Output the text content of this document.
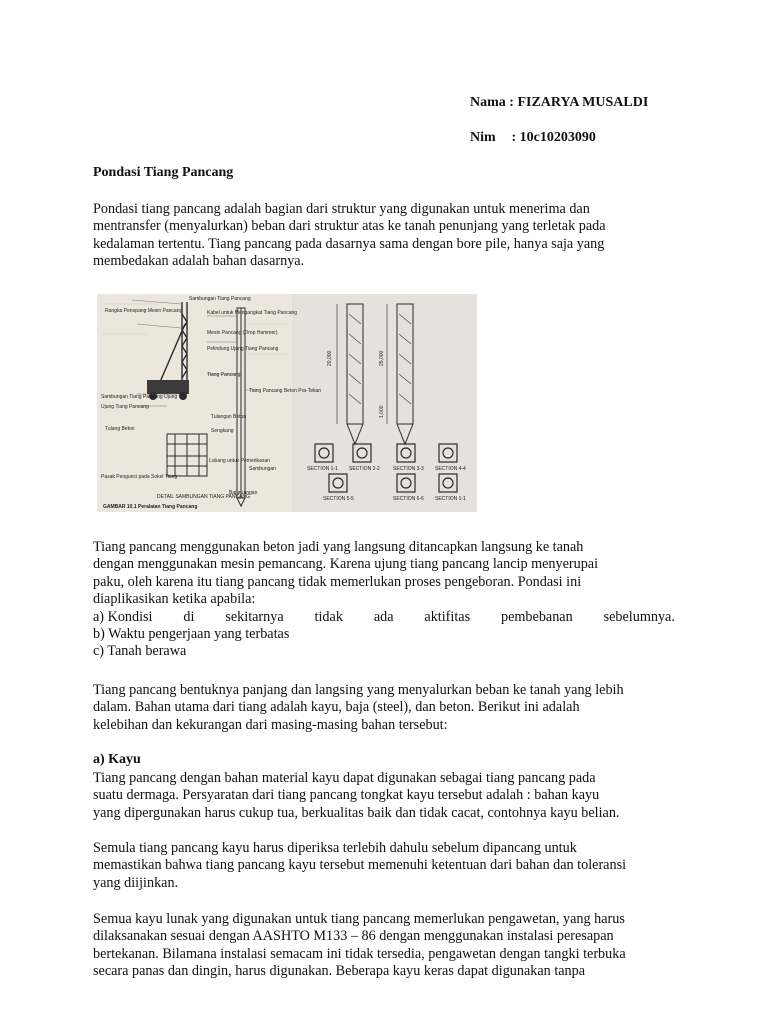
Nama : FIZARYA MUSALDI
Nim : 10c10203090
Pondasi Tiang Pancang
Pondasi tiang pancang adalah bagian dari struktur yang digunakan untuk menerima dan
mentransfer (menyalurkan) beban dari struktur atas ke tanah penunjang yang terletak pada
kedalaman tertentu. Tiang pancang pada dasarnya sama dengan bore pile, hanya saja yang
membedakan adalah bahan dasarnya.
Sambungan Tiang Pancang
Rangka Penopang Mesin Pancang	Kabel untuk Mengangkat Tiang Pancang
Mesin Pancang (Drop Hammer)
Pelindung Ujung Tiang Pancang
Tiang Pancang
Sambungan Tiang Pancang Ujung
Ujung Tiang Pancang
Tiang Pancang Beton Pra-Tekan
Tulangan Beton
Tulang Beton	Sengkang
Lubang untuk Pemerikasan
Pasak Pengunci pada Sokel Tiang
Sambungan
Bajuruangan
DETAIL SAMBUNGAN TIANG PANCANG
GAMBAR 10.1 Peralatan Tiang Pancang
20,000	25,000
1,000
SECTION 1-1 SECTION 2-2	SECTION 3-3 SECTION 4-4
SECTION 5-5	SECTION 6-6 SECTION 1-1
Tiang pancang menggunakan beton jadi yang langsung ditancapkan langsung ke tanah
dengan menggunakan mesin pemancang. Karena ujung tiang pancang lancip menyerupai
paku, oleh karena itu tiang pancang tidak memerlukan proses pengeboran. Pondasi ini
diaplikasikan ketika apabila:
a) Kondisi di sekitarnya tidak ada aktifitas pembebanan sebelumnya.
b) Waktu pengerjaan yang terbatas
c) Tanah berawa
Tiang pancang bentuknya panjang dan langsing yang menyalurkan beban ke tanah yang lebih
dalam. Bahan utama dari tiang adalah kayu, baja (steel), dan beton. Berikut ini adalah
kelebihan dan kekurangan dari masing-masing bahan tersebut:
a) Kayu
Tiang pancang dengan bahan material kayu dapat digunakan sebagai tiang pancang pada
suatu dermaga. Persyaratan dari tiang pancang tongkat kayu tersebut adalah : bahan kayu
yang dipergunakan harus cukup tua, berkualitas baik dan tidak cacat, contohnya kayu belian.
Semula tiang pancang kayu harus diperiksa terlebih dahulu sebelum dipancang untuk
memastikan bahwa tiang pancang kayu tersebut memenuhi ketentuan dari bahan dan toleransi
yang diijinkan.
Semua kayu lunak yang digunakan untuk tiang pancang memerlukan pengawetan, yang harus
dilaksanakan sesuai dengan AASHTO M133 – 86 dengan menggunakan instalasi peresapan
bertekanan. Bilamana instalasi semacam ini tidak tersedia, pengawetan dengan tangki terbuka
secara panas dan dingin, harus digunakan. Beberapa kayu keras dapat digunakan tanpa
